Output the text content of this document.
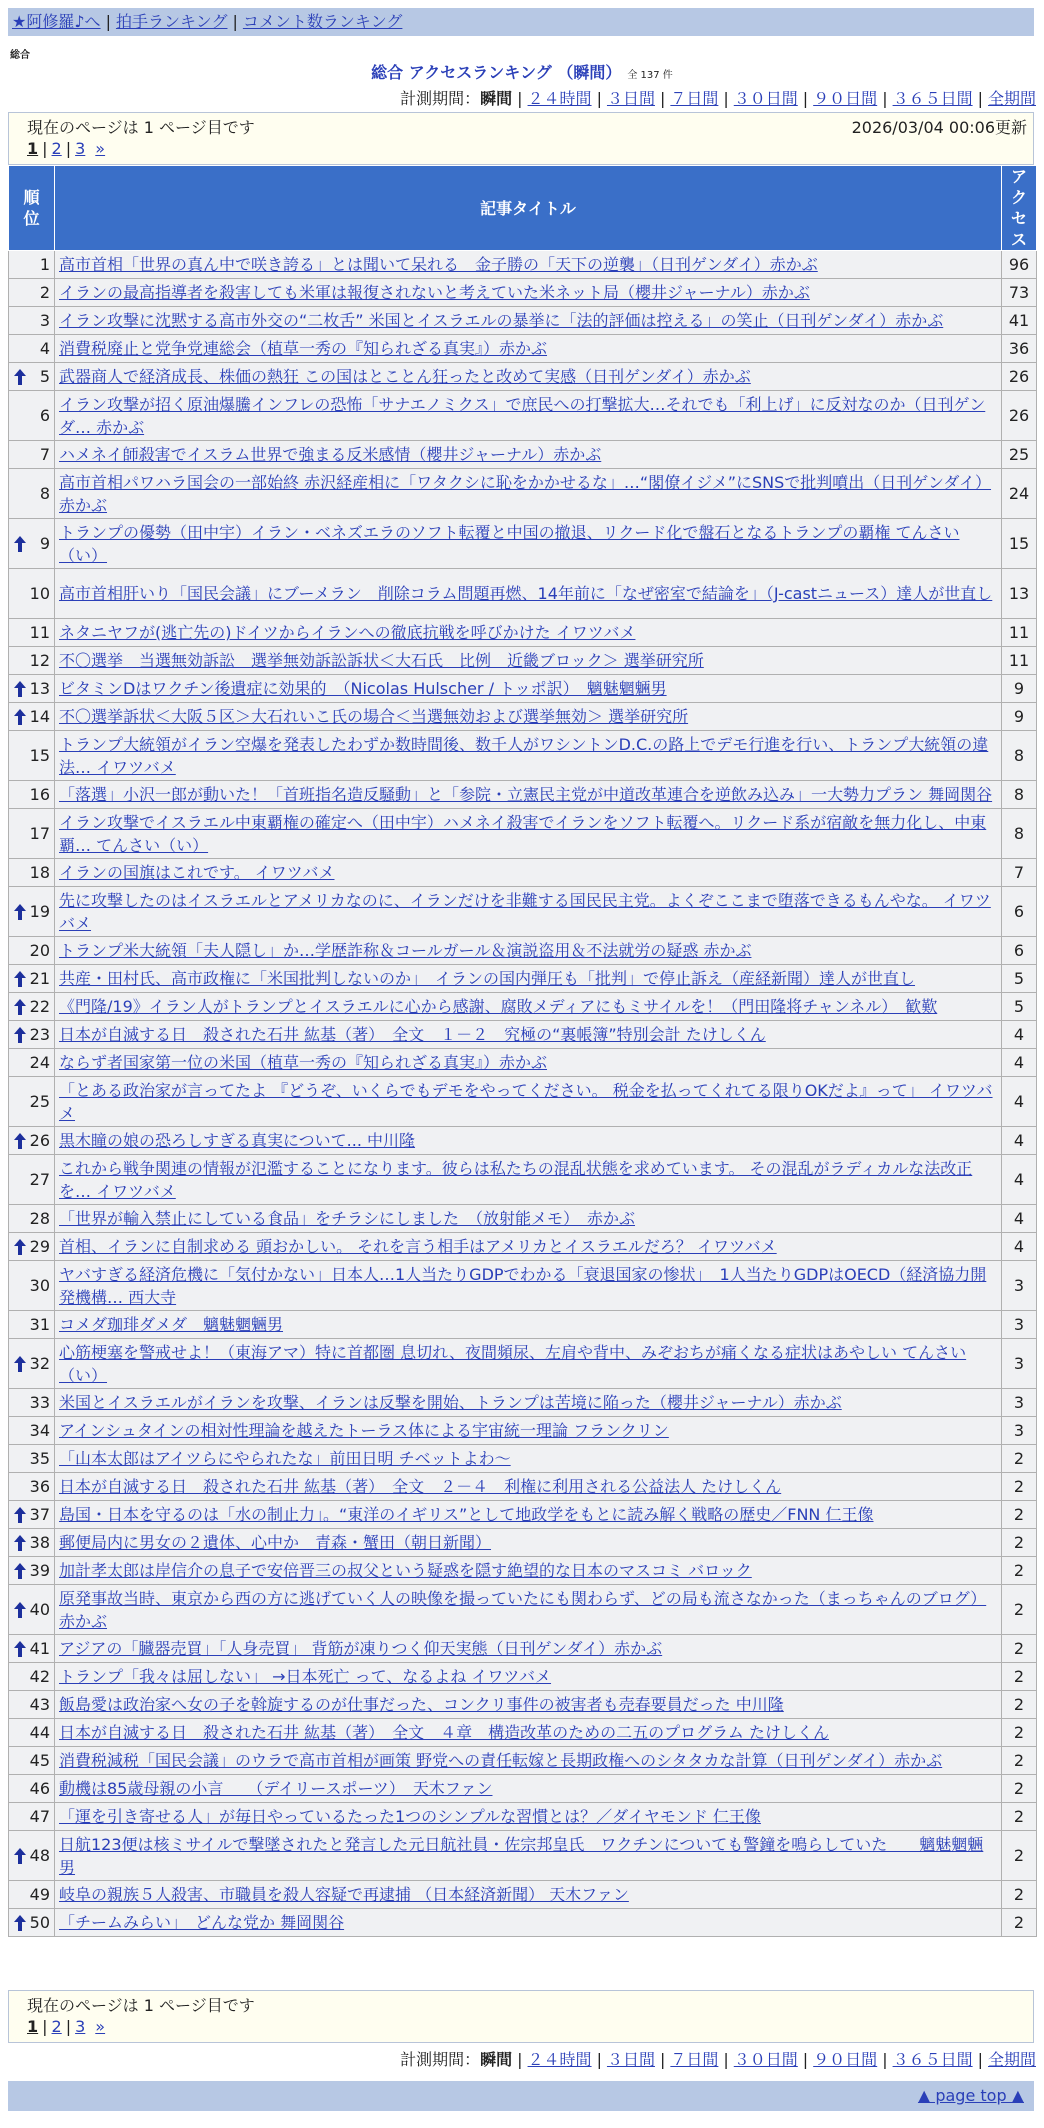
★阿修羅♪へ | 拍手ランキング | コメント数ランキング
総合
総合 アクセスランキング （瞬間） 全 137 件
計測期間：瞬間 | ２４時間 | ３日間 | ７日間 | ３０日間 | ９０日間 | ３６５日間 | 全期間
現在のページは 1 ページ目です	2026/03/04 00:06更新
1 | 2 | 3 »
順位	記事タイトル	アクセス
1	高市首相「世界の真ん中で咲き誇る」とは聞いて呆れる　金子勝の「天下の逆襲」（日刊ゲンダイ）赤かぶ	96
2	イランの最高指導者を殺害しても米軍は報復されないと考えていた米ネット局（櫻井ジャーナル）赤かぶ	73
3	イラン攻撃に沈黙する高市外交の“二枚舌” 米国とイスラエルの暴挙に「法的評価は控える」の笑止（日刊ゲンダイ）赤かぶ	41
4	消費税廃止と党争党連総会（植草一秀の『知られざる真実』）赤かぶ	36

5	武器商人で経済成長、株価の熱狂 この国はとことん狂ったと改めて実感（日刊ゲンダイ）赤かぶ	26
6	イラン攻撃が招く原油爆騰インフレの恐怖「サナエノミクス」で庶民への打撃拡大…それでも「利上げ」に反対なのか（日刊ゲンダ… 赤かぶ	26
7	ハメネイ師殺害でイスラム世界で強まる反米感情（櫻井ジャーナル）赤かぶ	25
8	高市首相パワハラ国会の一部始終 赤沢経産相に「ワタクシに恥をかかせるな」…“閣僚イジメ”にSNSで批判噴出（日刊ゲンダイ）赤かぶ	24

9	トランプの優勢（田中宇）イラン・ベネズエラのソフト転覆と中国の撤退、リクード化で盤石となるトランプの覇権 てんさい（い）	15
10	高市首相肝いり「国民会議」にブーメラン　削除コラム問題再燃、14年前に「なぜ密室で結論を」（J-castニュース）達人が世直し	13
11	ネタニヤフが(逃亡先の)ドイツからイランへの徹底抗戦を呼びかけた イワツバメ	11
12	不〇選挙　当選無効訴訟　選挙無効訴訟訴状＜大石氏　比例　近畿ブロック＞ 選挙研究所	11

13	ビタミンDはワクチン後遺症に効果的　（Nicolas Hulscher / トッポ訳）　魑魅魍魎男	9

14	不〇選挙訴状＜大阪５区＞大石れいこ氏の場合＜当選無効および選挙無効＞ 選挙研究所	9
15	トランプ大統領がイラン空爆を発表したわずか数時間後、数千人がワシントンD.C.の路上でデモ行進を行い、トランプ大統領の違法… イワツバメ	8
16	「落選」小沢一郎が動いた！「首班指名造反騒動」と「参院・立憲民主党が中道改革連合を逆飲み込み」一大勢力プラン 舞岡関谷	8
17	イラン攻撃でイスラエル中東覇権の確定へ（田中宇）ハメネイ殺害でイランをソフト転覆へ。リクード系が宿敵を無力化し、中東覇… てんさい（い）	8
18	イランの国旗はこれです。 イワツバメ	7

19	先に攻撃したのはイスラエルとアメリカなのに、イランだけを非難する国民民主党。よくぞここまで堕落できるもんやな。 イワツバメ	6
20	トランプ米大統領「夫人隠し」か…学歴詐称＆コールガール＆演説盗用＆不法就労の疑惑 赤かぶ	6

21	共産・田村氏、高市政権に「米国批判しないのか」　イランの国内弾圧も「批判」で停止訴え（産経新聞）達人が世直し	5

22	《門隆/19》イラン人がトランプとイスラエルに心から感謝、腐敗メディアにもミサイルを！（門田隆将チャンネル）　歓歎	5

23	日本が自滅する日　殺された石井 紘基（著）　全文　１－２　究極の“裏帳簿”特別会計 たけしくん	4
24	ならず者国家第一位の米国（植草一秀の『知られざる真実』）赤かぶ	4
25	「とある政治家が言ってたよ 『どうぞ、いくらでもデモをやってください。 税金を払ってくれてる限りOKだよ』って」 イワツバメ	4

26	黒木瞳の娘の恐ろしすぎる真実について... 中川隆	4
27	これから戦争関連の情報が氾濫することになります。彼らは私たちの混乱状態を求めています。 その混乱がラディカルな法改正を… イワツバメ	4
28	「世界が輸入禁止にしている食品」をチラシにしました　（放射能メモ）　赤かぶ	4

29	首相、イランに自制求める 頭おかしい。 それを言う相手はアメリカとイスラエルだろ？ イワツバメ	4
30	ヤバすぎる経済危機に「気付かない」日本人…1人当たりGDPでわかる「衰退国家の惨状」　1人当たりGDPはOECD（経済協力開発機構… 西大寺	3
31	コメダ珈琲ダメダ　魑魅魍魎男	3

32	心筋梗塞を警戒せよ！（東海アマ）特に首都圏 息切れ、夜間頻尿、左肩や背中、みぞおちが痛くなる症状はあやしい てんさい（い）	3
33	米国とイスラエルがイランを攻撃、イランは反撃を開始、トランプは苦境に陥った（櫻井ジャーナル）赤かぶ	3
34	アインシュタインの相対性理論を越えたトーラス体による宇宙統一理論 フランクリン	3
35	「山本太郎はアイツらにやられたな」前田日明 チベットよわ～	2
36	日本が自滅する日　殺された石井 紘基（著）　全文　２－４　利権に利用される公益法人 たけしくん	2

37	島国・日本を守るのは「水の制止力」。“東洋のイギリス”として地政学をもとに読み解く戦略の歴史／FNN 仁王像	2

38	郵便局内に男女の２遺体、心中か　青森・蟹田（朝日新聞）	2

39	加計孝太郎は岸信介の息子で安倍晋三の叔父という疑惑を隠す絶望的な日本のマスコミ バロック	2

40	原発事故当時、東京から西の方に逃げていく人の映像を撮っていたにも関わらず、どの局も流さなかった（まっちゃんのブログ）赤かぶ	2

41	アジアの「臓器売買」「人身売買」 背筋が凍りつく仰天実態（日刊ゲンダイ）赤かぶ	2
42	トランプ「我々は屈しない」 →日本死亡 って、なるよね イワツバメ	2
43	飯島愛は政治家へ女の子を斡旋するのが仕事だった、コンクリ事件の被害者も売春要員だった 中川隆	2
44	日本が自滅する日　殺された石井 紘基（著）　全文　４章　構造改革のための二五のプログラム たけしくん	2
45	消費税減税「国民会議」のウラで高市首相が画策 野党への責任転嫁と長期政権へのシタタカな計算（日刊ゲンダイ）赤かぶ	2
46	動機は85歳母親の小言　　（デイリースポーツ）　天木ファン	2
47	「運を引き寄せる人」が毎日やっているたった1つのシンプルな習慣とは？／ダイヤモンド 仁王像	2

48	日航123便は核ミサイルで撃墜されたと発言した元日航社員・佐宗邦皇氏　ワクチンについても警鐘を鳴らしていた　　魑魅魍魎男	2
49	岐阜の親族５人殺害、市職員を殺人容疑で再逮捕 （日本経済新聞） 天木ファン	2

50	「チームみらい」　どんな党か 舞岡関谷	2
現在のページは 1 ページ目です
1 | 2 | 3 »
計測期間：瞬間 | ２４時間 | ３日間 | ７日間 | ３０日間 | ９０日間 | ３６５日間 | 全期間
▲ page top ▲
